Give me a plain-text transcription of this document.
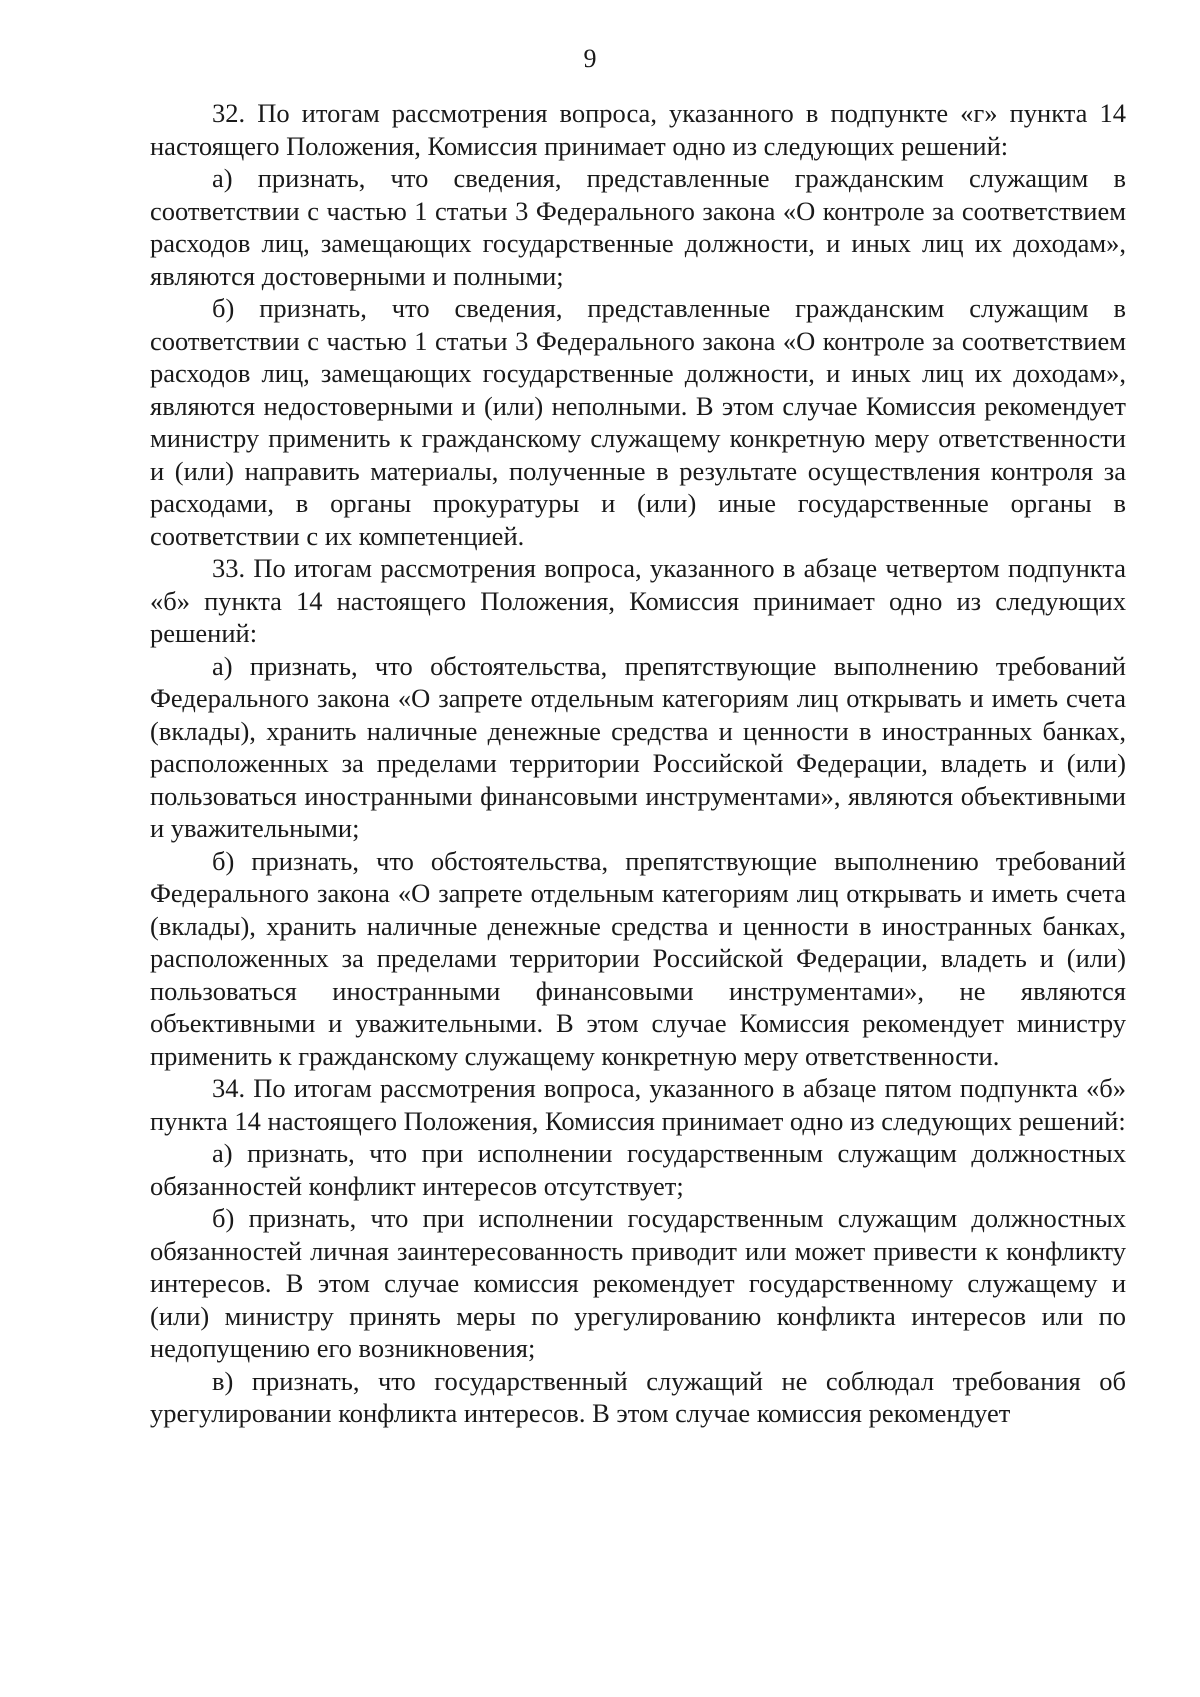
9

32. По итогам рассмотрения вопроса, указанного в подпункте «г» пункта 14 настоящего Положения, Комиссия принимает одно из следующих решений:

а) признать, что сведения, представленные гражданским служащим в соответствии с частью 1 статьи 3 Федерального закона «О контроле за соответствием расходов лиц, замещающих государственные должности, и иных лиц их доходам», являются достоверными и полными;

б) признать, что сведения, представленные гражданским служащим в соответствии с частью 1 статьи 3 Федерального закона «О контроле за соответствием расходов лиц, замещающих государственные должности, и иных лиц их доходам», являются недостоверными и (или) неполными. В этом случае Комиссия рекомендует министру применить к гражданскому служащему конкретную меру ответственности и (или) направить материалы, полученные в результате осуществления контроля за расходами, в органы прокуратуры и (или) иные государственные органы в соответствии с их компетенцией.

33. По итогам рассмотрения вопроса, указанного в абзаце четвертом подпункта «б» пункта 14 настоящего Положения, Комиссия принимает одно из следующих решений:

а) признать, что обстоятельства, препятствующие выполнению требований Федерального закона «О запрете отдельным категориям лиц открывать и иметь счета (вклады), хранить наличные денежные средства и ценности в иностранных банках, расположенных за пределами территории Российской Федерации, владеть и (или) пользоваться иностранными финансовыми инструментами», являются объективными и уважительными;

б) признать, что обстоятельства, препятствующие выполнению требований Федерального закона «О запрете отдельным категориям лиц открывать и иметь счета (вклады), хранить наличные денежные средства и ценности в иностранных банках, расположенных за пределами территории Российской Федерации, владеть и (или) пользоваться иностранными финансовыми инструментами», не являются объективными и уважительными. В этом случае Комиссия рекомендует министру применить к гражданскому служащему конкретную меру ответственности.

34. По итогам рассмотрения вопроса, указанного в абзаце пятом подпункта «б» пункта 14 настоящего Положения, Комиссия принимает одно из следующих решений:

а) признать, что при исполнении государственным служащим должностных обязанностей конфликт интересов отсутствует;

б) признать, что при исполнении государственным служащим должностных обязанностей личная заинтересованность приводит или может привести к конфликту интересов. В этом случае комиссия рекомендует государственному служащему и (или) министру принять меры по урегулированию конфликта интересов или по недопущению его возникновения;

в) признать, что государственный служащий не соблюдал требования об урегулировании конфликта интересов. В этом случае комиссия рекомендует
